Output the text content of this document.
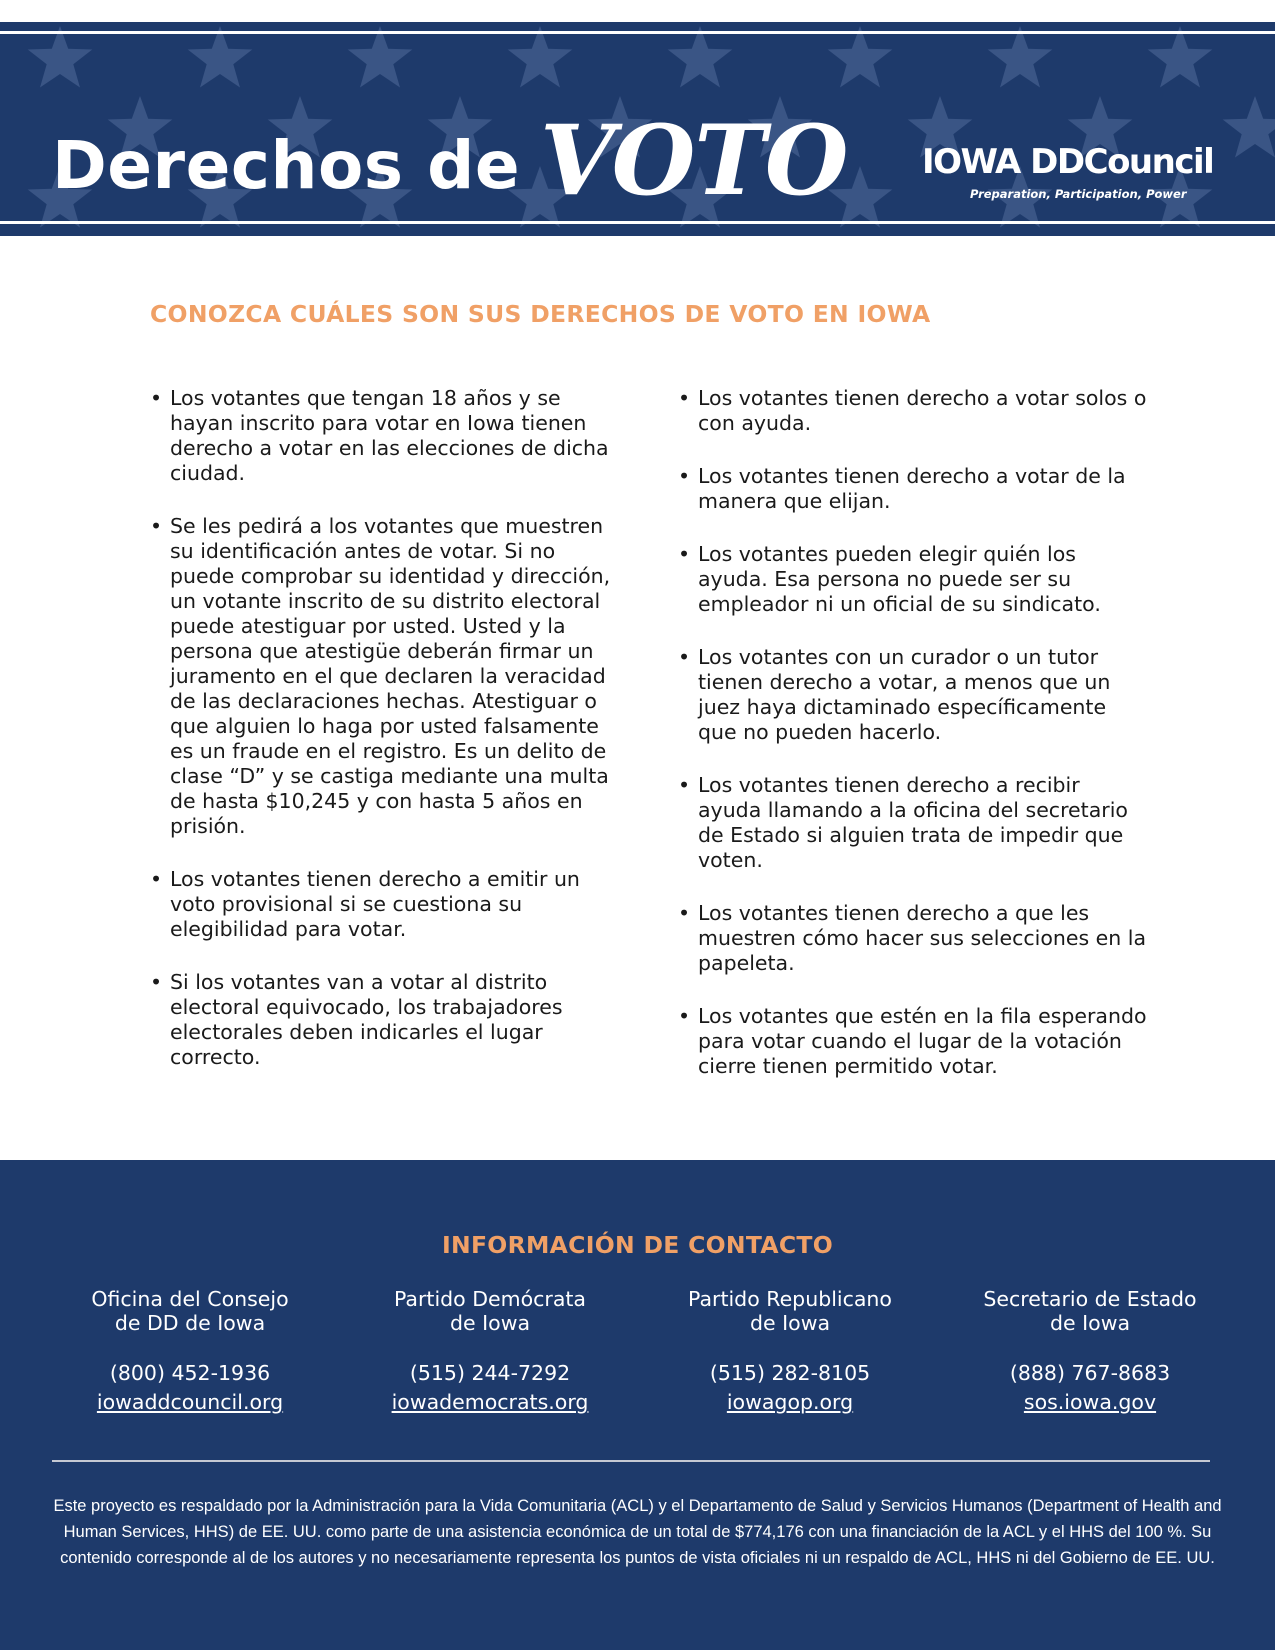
Derechos de VOTO IOWA DDCouncil
Preparation, Participation, Power
CONOZCA CUÁLES SON SUS DERECHOS DE VOTO EN IOWA
• Los votantes que tengan 18 años y se hayan inscrito para votar en Iowa tienen derecho a votar en las elecciones de dicha ciudad.
• Se les pedirá a los votantes que muestren su identificación antes de votar. Si no puede comprobar su identidad y dirección, un votante inscrito de su distrito electoral puede atestiguar por usted. Usted y la persona que atestigüe deberán firmar un juramento en el que declaren la veracidad de las declaraciones hechas. Atestiguar o que alguien lo haga por usted falsamente es un fraude en el registro. Es un delito de clase “D” y se castiga mediante una multa de hasta $10,245 y con hasta 5 años en prisión.
• Los votantes tienen derecho a emitir un voto provisional si se cuestiona su elegibilidad para votar.
• Si los votantes van a votar al distrito electoral equivocado, los trabajadores electorales deben indicarles el lugar correcto.
• Los votantes tienen derecho a votar solos o con ayuda.
• Los votantes tienen derecho a votar de la manera que elijan.
• Los votantes pueden elegir quién los ayuda. Esa persona no puede ser su empleador ni un oficial de su sindicato.
• Los votantes con un curador o un tutor tienen derecho a votar, a menos que un juez haya dictaminado específicamente que no pueden hacerlo.
• Los votantes tienen derecho a recibir ayuda llamando a la oficina del secretario de Estado si alguien trata de impedir que voten.
• Los votantes tienen derecho a que les muestren cómo hacer sus selecciones en la papeleta.
• Los votantes que estén en la fila esperando para votar cuando el lugar de la votación cierre tienen permitido votar.
INFORMACIÓN DE CONTACTO
Oficina del Consejo
de DD de Iowa
(800) 452-1936
iowaddcouncil.org
Partido Demócrata
de Iowa
(515) 244-7292
iowademocrats.org
Partido Republicano
de Iowa
(515) 282-8105
iowagop.org
Secretario de Estado
de Iowa
(888) 767-8683
sos.iowa.gov
Este proyecto es respaldado por la Administración para la Vida Comunitaria (ACL) y el Departamento de Salud y Servicios Humanos (Department of Health and Human Services, HHS) de EE. UU. como parte de una asistencia económica de un total de $774,176 con una financiación de la ACL y el HHS del 100 %. Su contenido corresponde al de los autores y no necesariamente representa los puntos de vista oficiales ni un respaldo de ACL, HHS ni del Gobierno de EE. UU.
